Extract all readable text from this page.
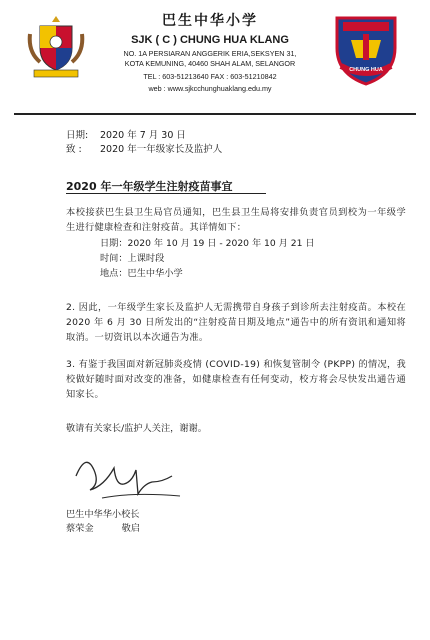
巴生中华小学
SJK ( C ) CHUNG HUA KLANG
NO. 1A PERSIARAN ANGGERIK ERIA,SEKSYEN 31,
KOTA KEMUNING, 40460 SHAH ALAM, SELANGOR
TEL : 603-51213640 FAX : 603-51210842
web : www.sjkcchunghuaklang.edu.my
CHUNG HUA
日期: 2020 年 7 月 30 日
致 : 2020 年一年级家长及监护人
2020 年一年级学生注射疫苗事宜
本校接获巴生县卫生局官员通知，巴生县卫生局将安排负责官员到校为一年级学生进行健康检查和注射疫苗。其详情如下：
日期：2020 年 10 月 19 日 - 2020 年 10 月 21 日
时间：上课时段
地点：巴生中华小学
2. 因此，一年级学生家长及监护人无需携带自身孩子到诊所去注射疫苗。本校在 2020 年 6 月 30 日所发出的“注射疫苗日期及地点”通告中的所有资讯和通知将取消。一切资讯以本次通告为准。
3. 有鉴于我国面对新冠肺炎疫情 (COVID-19) 和恢复管制令 (PKPP) 的情况，我校做好随时面对改变的准备，如健康检查有任何变动，校方将会尽快发出通告通知家长。
敬请有关家长/监护人关注，谢谢。
巴生中华华小校长
蔡荣金	敬启
